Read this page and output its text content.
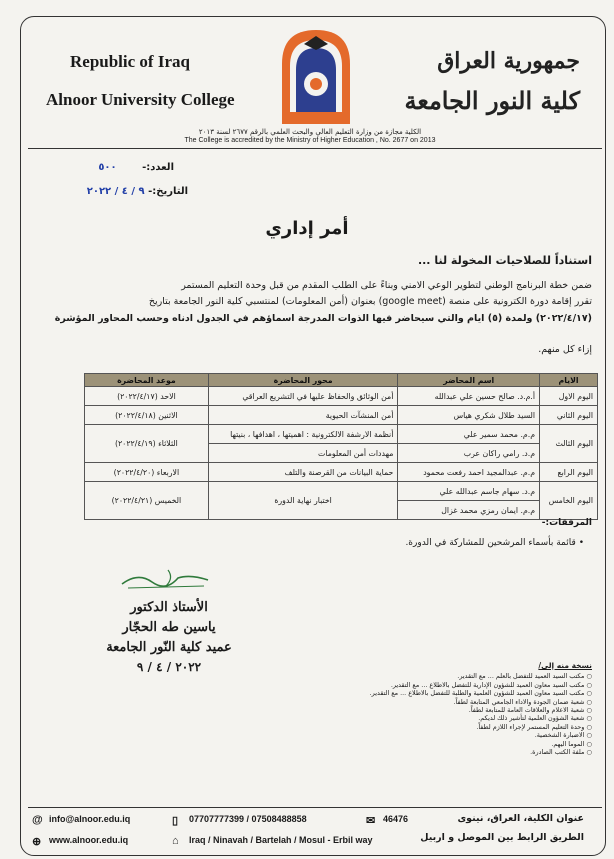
Republic of Iraq
Alnoor University College
جمهورية العراق
كلية النور الجامعة
الكلية مجازة من وزارة التعليم العالي والبحث العلمي بالرقم ٢٦٧٧ لسنة ٢٠١٣
The College is accredited by the Ministry of Higher Education , No. 2677 on 2013
العدد:- ٥٠٠
التاريخ:- ٩ / ٤ / ٢٠٢٢
أمر إداري
استناداً للصلاحيات المخولة لنا ...
ضمن خطة البرنامج الوطني لتطوير الوعي الامني وبناءً على الطلب المقدم من قبل وحدة التعليم المستمر
تقرر إقامة دورة الكترونية على منصة (google meet) بعنوان (أمن المعلومات) لمنتسبي كلية النور الجامعة بتاريخ
(٢٠٢٢/٤/١٧) ولمدة (٥) ايام والتي سيحاضر فيها الذوات المدرجة اسماؤهم في الجدول ادناه وحسب المحاور المؤشرة
إزاء كل منهم.
الايام	اسم المحاضر	محور المحاضرة	موعد المحاضرة
اليوم الاول	أ.م.د. صالح حسين علي عبدالله	أمن الوثائق والحفاظ عليها في التشريع العراقي	الاحد (٢٠٢٢/٤/١٧)
اليوم الثاني	السيد طلال شكري هياس	أمن المنشآت الحيوية	الاثنين (٢٠٢٢/٤/١٨)
اليوم الثالث	م.م. محمد سمير علي	أنظمة الارشفة الالكترونية : اهميتها ، اهدافها ، بنيتها	الثلاثاء (٢٠٢٢/٤/١٩)
	م.د. رامي راكان عرب	مهددات أمن المعلومات	
اليوم الرابع	م.م. عبدالمجيد احمد رفعت محمود	حماية البيانات من القرصنة والتلف	الاربعاء (٢٠٢٢/٤/٢٠)
اليوم الخامس	م.د. سهام جاسم عبدالله علي	اختبار نهاية الدورة	الخميس (٢٠٢٢/٤/٢١)
	م.م. ايمان رمزي محمد غزال		
المرفقات:-
• قائمة بأسماء المرشحين للمشاركة في الدورة.
الأستاذ الدكتور
ياسين طه الحجّار
عميد كلية النّور الجامعة
٢٠٢٢ / ٤ / ٩	نسخة منه إلى/
○ مكتب السيد العميد للتفضل بالعلم ... مع التقدير.
○ مكتب السيد معاون العميد للشؤون الإدارية للتفضل بالاطلاع ... مع التقدير.
○ مكتب السيد معاون العميد للشؤون العلمية والطلبة للتفضل بالاطلاع ... مع التقدير.
○ شعبة ضمان الجودة والاداء الجامعي المتابعة لطفاً.
○ شعبة الاعلام والعلاقات العامة للمتابعة لطفاً.
○ شعبة الشؤون العلمية لتأشير ذلك لديكم.
○ وحدة التعليم المستمر لإجراء اللازم لطفاً.
○ الاضبارة الشخصية.
○ الموما اليهم.
○ ملفة الكتب الصادرة.
@ info@alnoor.edu.iq
⊕ www.alnoor.edu.iq
▯ 07707777399 / 07508488858	✉ 46476
⌂ Iraq / Ninavah / Bartelah / Mosul - Erbil way
عنوان الكلية، العراق، نينوى
الطريق الرابط بين الموصل و اربيل
